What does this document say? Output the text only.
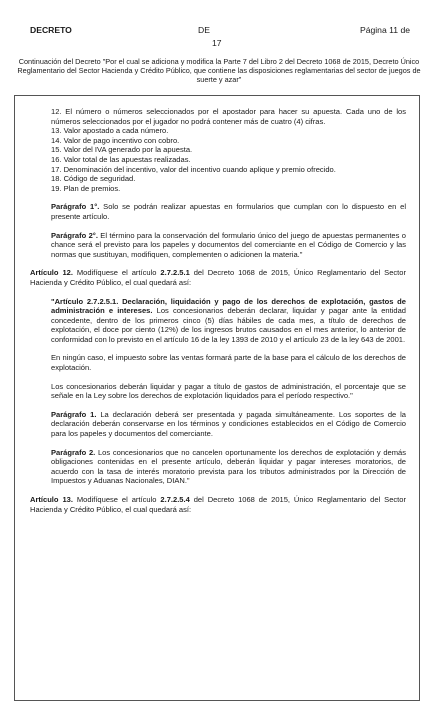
DECRETO	DE	Página 11 de
17
Continuación del Decreto "Por el cual se adiciona y modifica la Parte 7 del Libro 2 del Decreto 1068 de 2015, Decreto Único Reglamentario del Sector Hacienda y Crédito Público, que contiene las disposiciones reglamentarias del sector de juegos de suerte y azar"

12. El número o números seleccionados por el apostador para hacer su apuesta. Cada uno de los números seleccionados por el jugador no podrá contener más de cuatro (4) cifras.

13. Valor apostado a cada número.

14. Valor de pago incentivo con cobro.

15. Valor del IVA generado por la apuesta.

16. Valor total de las apuestas realizadas.

17. Denominación del incentivo, valor del incentivo cuando aplique y premio ofrecido.

18. Código de seguridad.

19. Plan de premios.

Parágrafo 1°. Solo se podrán realizar apuestas en formularios que cumplan con lo dispuesto en el presente artículo.

Parágrafo 2°. El término para la conservación del formulario único del juego de apuestas permanentes o chance será el previsto para los papeles y documentos del comerciante en el Código de Comercio y las normas que sustituyan, modifiquen, complementen o adicionen la materia."

Artículo 12. Modifíquese el artículo 2.7.2.5.1 del Decreto 1068 de 2015, Único Reglamentario del Sector Hacienda y Crédito Público, el cual quedará así:

"Artículo 2.7.2.5.1. Declaración, liquidación y pago de los derechos de explotación, gastos de administración e intereses. Los concesionarios deberán declarar, liquidar y pagar ante la entidad concedente, dentro de los primeros cinco (5) días hábiles de cada mes, a título de derechos de explotación, el doce por ciento (12%) de los ingresos brutos causados en el mes anterior, lo anterior de conformidad con lo previsto en el artículo 16 de la ley 1393 de 2010 y el artículo 23 de la ley 643 de 2001.

En ningún caso, el impuesto sobre las ventas formará parte de la base para el cálculo de los derechos de explotación.

Los concesionarios deberán liquidar y pagar a título de gastos de administración, el porcentaje que se señale en la Ley sobre los derechos de explotación liquidados para el período respectivo."

Parágrafo 1. La declaración deberá ser presentada y pagada simultáneamente. Los soportes de la declaración deberán conservarse en los términos y condiciones establecidos en el Código de Comercio para los papeles y documentos del comerciante.

Parágrafo 2. Los concesionarios que no cancelen oportunamente los derechos de explotación y demás obligaciones contenidas en el presente artículo, deberán liquidar y pagar intereses moratorios, de acuerdo con la tasa de interés moratorio prevista para los tributos administrados por la Dirección de Impuestos y Aduanas Nacionales, DIAN."

Artículo 13. Modifíquese el artículo 2.7.2.5.4 del Decreto 1068 de 2015, Único Reglamentario del Sector Hacienda y Crédito Público, el cual quedará así:
